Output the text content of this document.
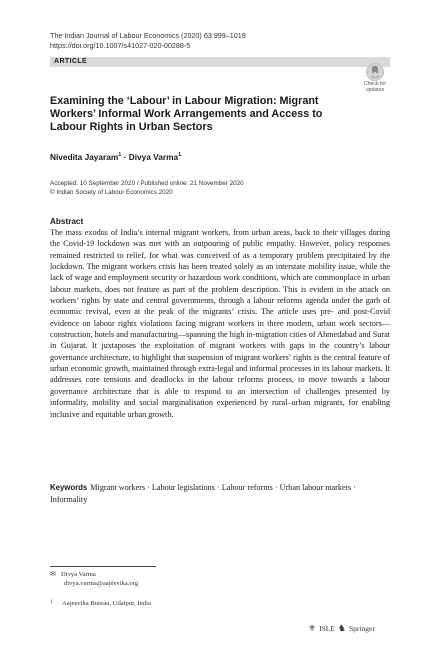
The Indian Journal of Labour Economics (2020) 63:999–1019
https://doi.org/10.1007/s41027-020-00288-5
ARTICLE
Check for
updates
Examining the ‘Labour’ in Labour Migration: Migrant Workers’ Informal Work Arrangements and Access to Labour Rights in Urban Sectors
Nivedita Jayaram$^1$ · Divya Varma$^1$
Accepted: 10 September 2020 / Published online: 21 November 2020
© Indian Society of Labour Economics 2020
Abstract
The mass exodus of India’s internal migrant workers, from urban areas, back to their villages during the Covid-19 lockdown was met with an outpouring of public empathy. However, policy responses remained restricted to relief, for what was conceived of as a temporary problem precipitated by the lockdown. The migrant workers crisis has been treated solely as an interstate mobility issue, while the lack of wage and employment security or hazardous work conditions, which are commonplace in urban labour markets, does not feature as part of the problem description. This is evident in the attack on workers’ rights by state and central governments, through a labour reforms agenda under the garb of economic revival, even at the peak of the migrants’ crisis. The article uses pre- and post-Covid evidence on labour rights violations facing migrant workers in three modern, urban work sectors—construction, hotels and manufacturing—spanning the high in-migration cities of Ahmedabad and Surat in Gujarat. It juxtaposes the exploitation of migrant workers with gaps in the country’s labour governance architecture, to highlight that suspension of migrant workers’ rights is the central feature of urban economic growth, maintained through extra-legal and informal processes in its labour markets. It addresses core tensions and deadlocks in the labour reforms process, to move towards a labour governance architecture that is able to respond to an intersection of challenges presented by informality, mobility and social marginalisation experienced by rural–urban migrants, for enabling inclusive and equitable urban growth.
Keywords Migrant workers · Labour legislations · Labour reforms · Urban labour markets · Informality
✉ Divya Varma
divya.varma@aajeevika.org
1 Aajeevika Bureau, Udaipur, India
⚜ ISLE ♞ Springer
